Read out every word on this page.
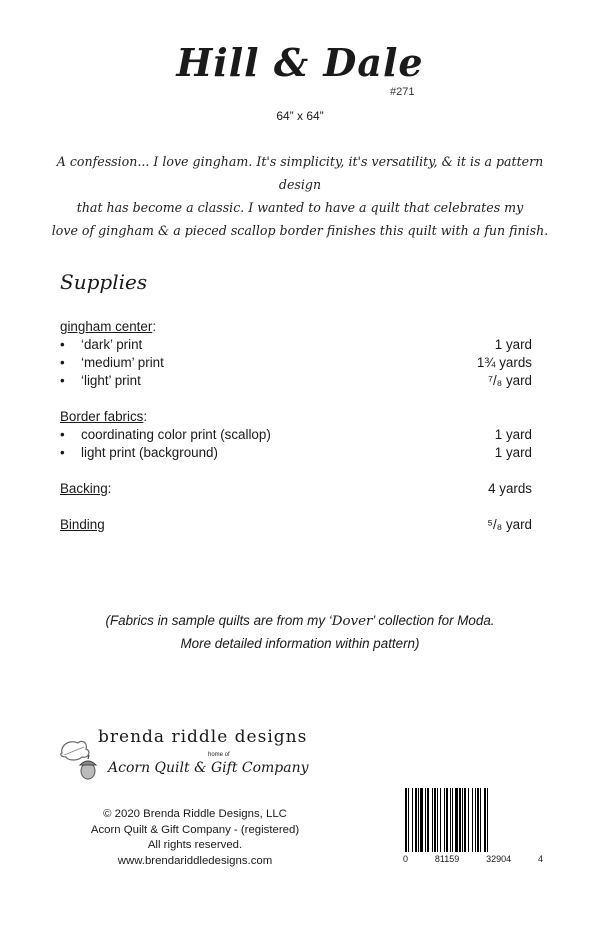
Hill & Dale
#271
64” x 64”
A confession... I love gingham. It's simplicity, it's versatility, & it is a pattern design
that has become a classic. I wanted to have a quilt that celebrates my
love of gingham & a pieced scallop border finishes this quilt with a fun finish.
Supplies
gingham center:
• ‘dark’ print	1 yard
• ‘medium’ print	1¾ yards
• ‘light’ print	⁷/₈ yard
Border fabrics:
• coordinating color print (scallop)	1 yard
• light print (background)	1 yard
Backing:	4 yards
Binding	⁵/₈ yard
(Fabrics in sample quilts are from my ‘Dover’ collection for Moda.
More detailed information within pattern)
brenda riddle designs
home of
Acorn Quilt & Gift Company
© 2020 Brenda Riddle Designs, LLC
Acorn Quilt & Gift Company - (registered)
All rights reserved.
www.brendariddledesigns.com	0	81159	32904	4
